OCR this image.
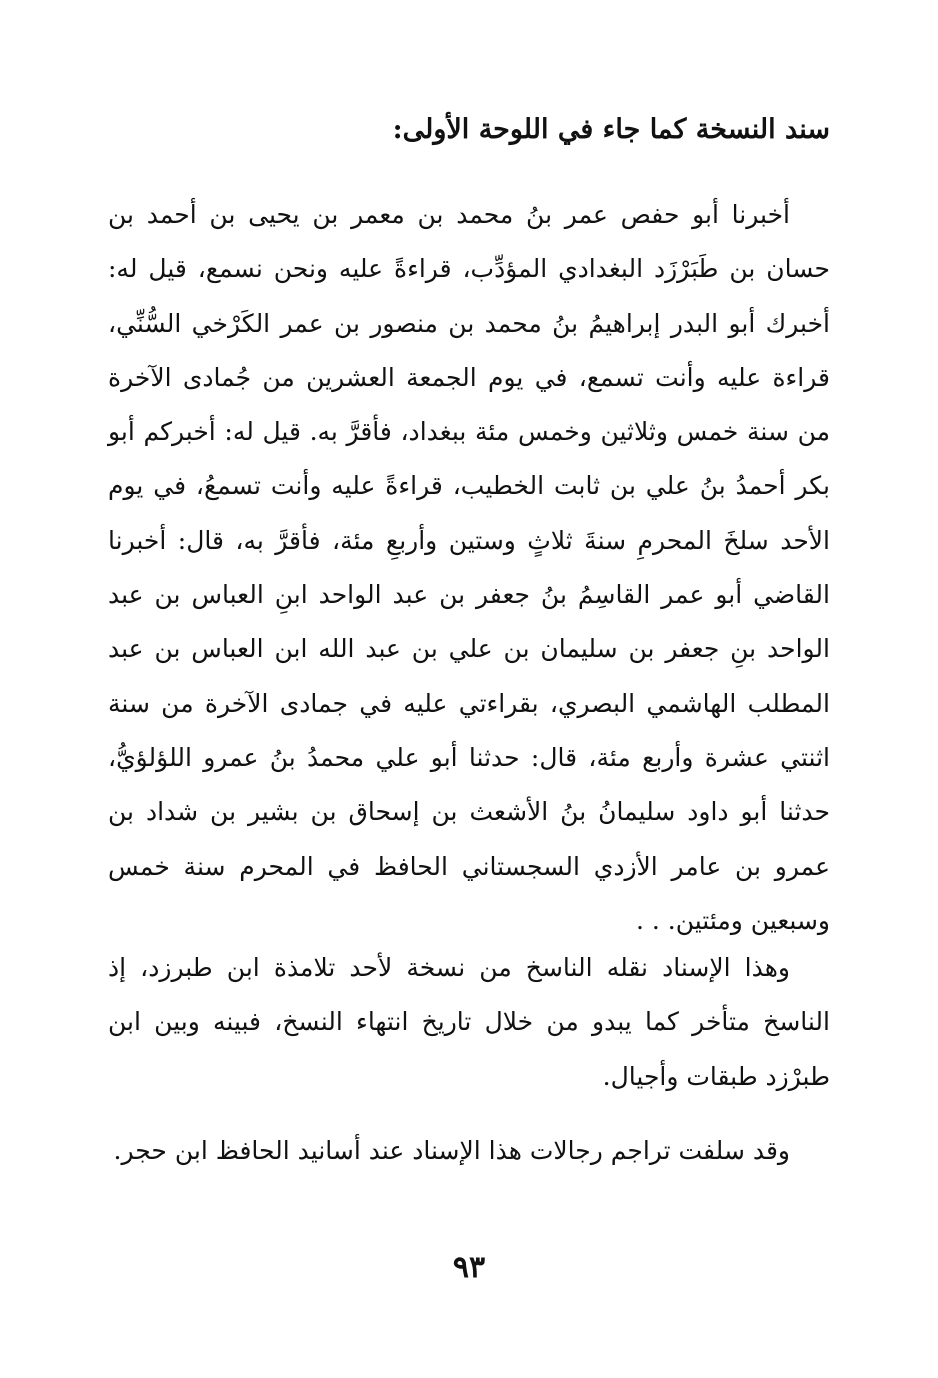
سند النسخة كما جاء في اللوحة الأولى:

أخبرنا أبو حفص عمر بنُ محمد بن معمر بن يحيى بن أحمد بن حسان بن طَبَرْزَد البغدادي المؤدِّب، قراءةً عليه ونحن نسمع، قيل له: أخبرك أبو البدر إبراهيمُ بنُ محمد بن منصور بن عمر الكَرْخي السُّنِّي، قراءة عليه وأنت تسمع، في يوم الجمعة العشرين من جُمادى الآخرة من سنة خمس وثلاثين وخمس مئة ببغداد، فأقرَّ به. قيل له: أخبركم أبو بكر أحمدُ بنُ علي بن ثابت الخطيب، قراءةً عليه وأنت تسمعُ، في يوم الأحد سلخَ المحرمِ سنةَ ثلاثٍ وستين وأربعِ مئة، فأقرَّ به، قال: أخبرنا القاضي أبو عمر القاسِمُ بنُ جعفر بن عبد الواحد ابنِ العباس بن عبد الواحد بنِ جعفر بن سليمان بن علي بن عبد الله ابن العباس بن عبد المطلب الهاشمي البصري، بقراءتي عليه في جمادى الآخرة من سنة اثنتي عشرة وأربع مئة، قال: حدثنا أبو علي محمدُ بنُ عمرو اللؤلؤيُّ، حدثنا أبو داود سليمانُ بنُ الأشعث بن إسحاق بن بشير بن شداد بن عمرو بن عامر الأزدي السجستاني الحافظ في المحرم سنة خمس وسبعين ومئتين. . .

وهذا الإسناد نقله الناسخ من نسخة لأحد تلامذة ابن طبرزد، إذ الناسخ متأخر كما يبدو من خلال تاريخ انتهاء النسخ، فبينه وبين ابن طبرْزد طبقات وأجيال.

وقد سلفت تراجم رجالات هذا الإسناد عند أسانيد الحافظ ابن حجر.

٩٣
